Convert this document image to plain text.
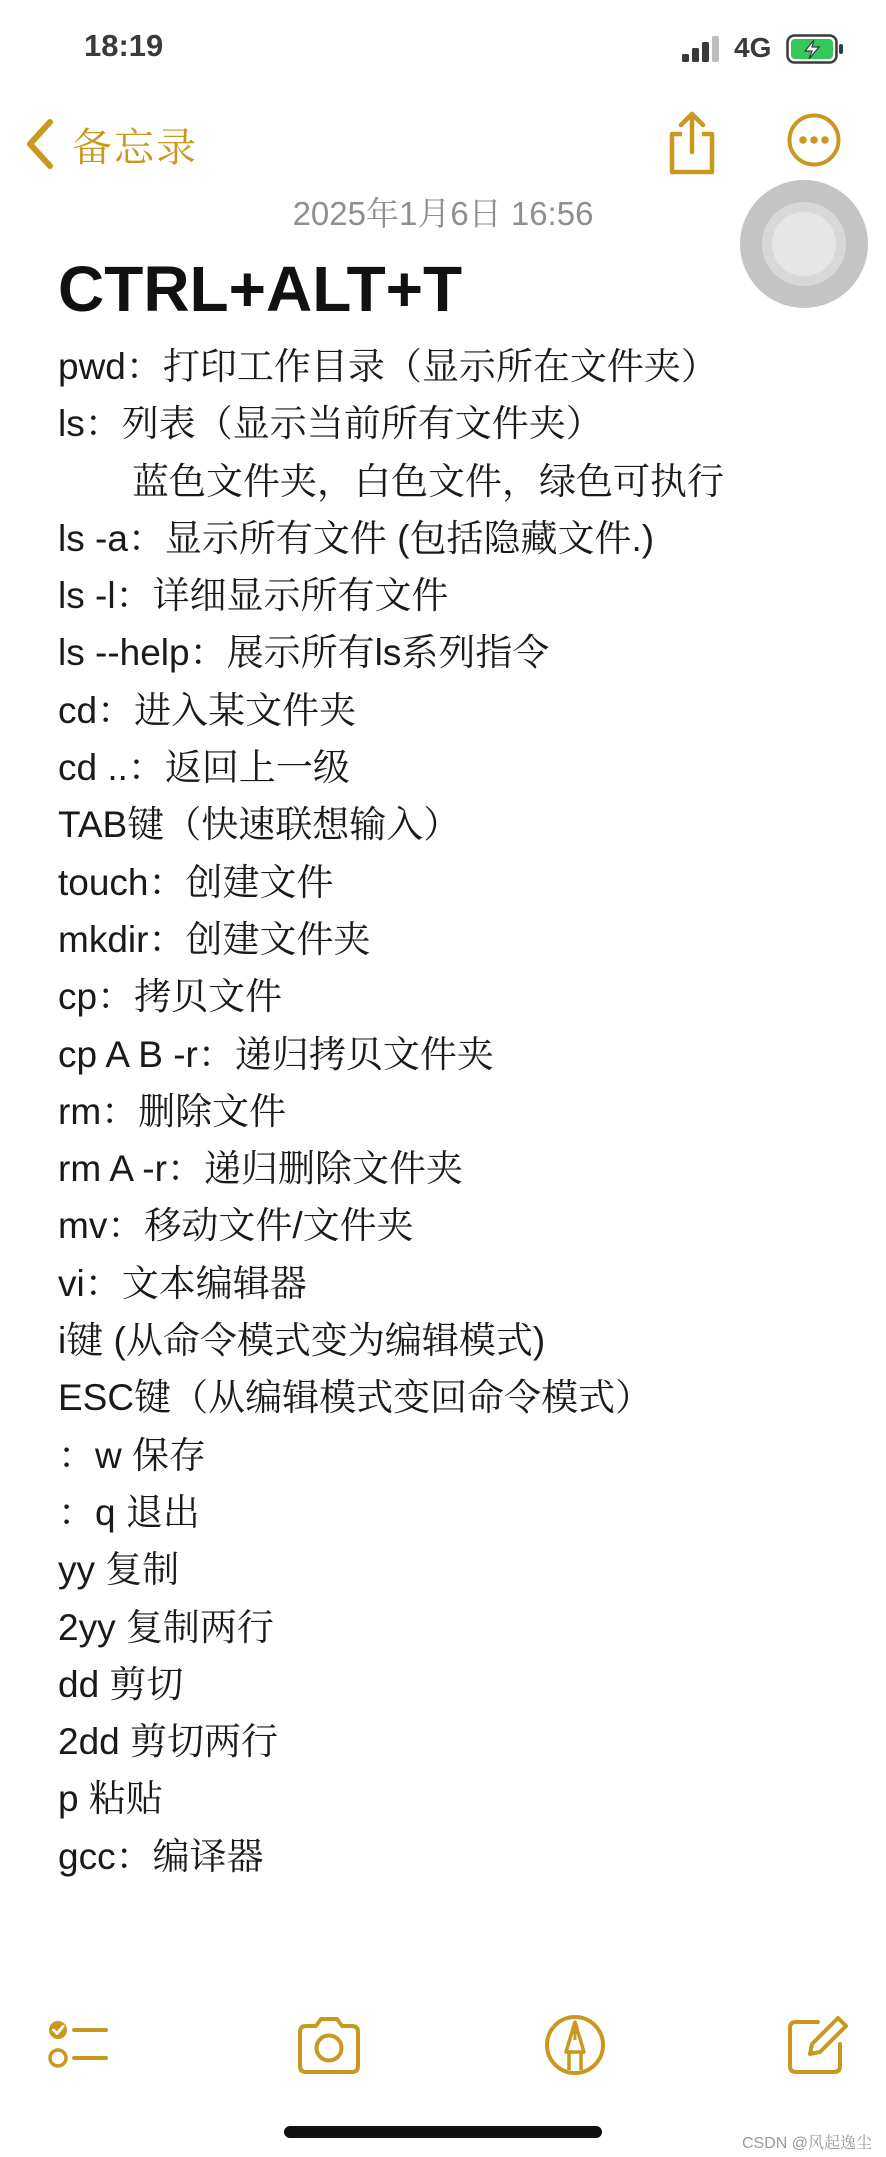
18:19	4G
备忘录
2025年1月6日 16:56
CTRL+ALT+T
pwd：打印工作目录（显示所在文件夹）
ls：列表（显示当前所有文件夹）
蓝色文件夹，白色文件，绿色可执行
ls -a：显示所有文件 (包括隐藏文件.)
ls -l：详细显示所有文件
ls --help：展示所有ls系列指令
cd：进入某文件夹
cd ..：返回上一级
TAB键（快速联想输入）
touch：创建文件
mkdir：创建文件夹
cp：拷贝文件
cp A B -r：递归拷贝文件夹
rm：删除文件
rm A -r：递归删除文件夹
mv：移动文件/文件夹
vi：文本编辑器
i键 (从命令模式变为编辑模式)
ESC键（从编辑模式变回命令模式）
：w 保存
：q 退出
yy 复制
2yy 复制两行
dd 剪切
2dd 剪切两行
p 粘贴
gcc：编译器
CSDN @风起逸尘
